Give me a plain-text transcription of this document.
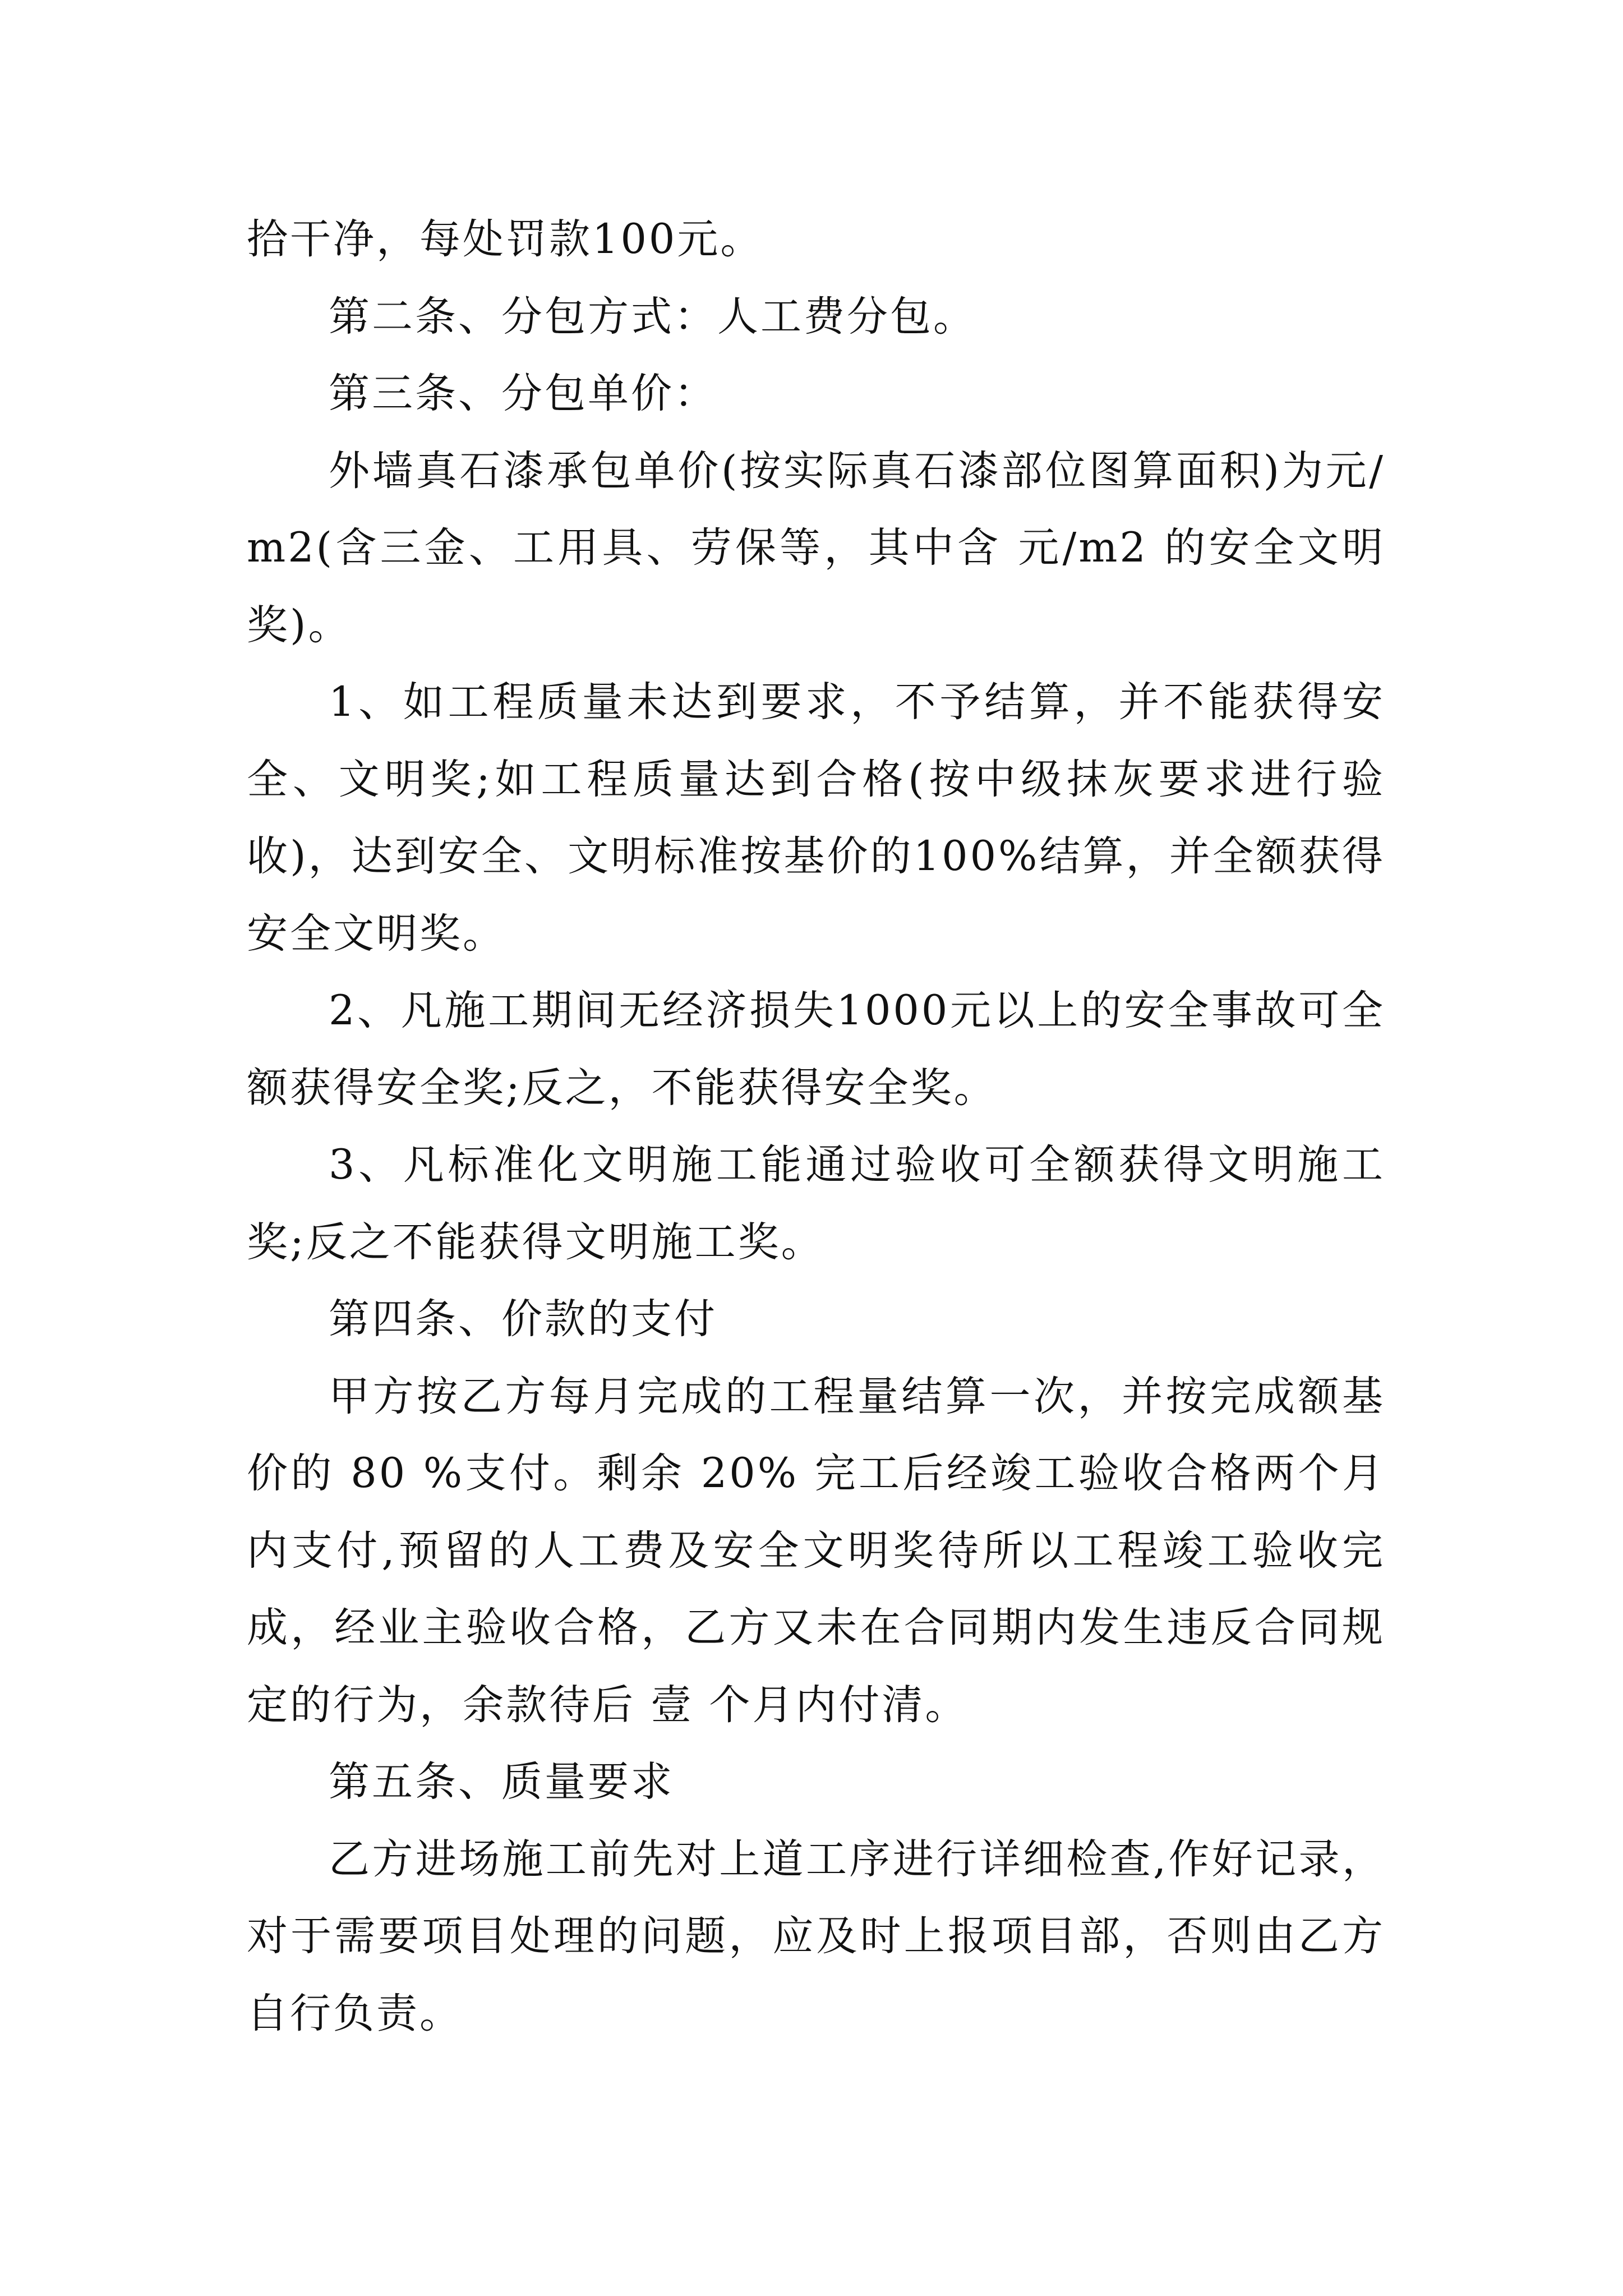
拾干净，每处罚款100元。

第二条、分包方式：人工费分包。

第三条、分包单价：

外墙真石漆承包单价(按实际真石漆部位图算面积)为元/m2(含三金、工用具、劳保等，其中含 元/m2 的安全文明奖)。

1、如工程质量未达到要求，不予结算，并不能获得安全、文明奖;如工程质量达到合格(按中级抹灰要求进行验收)，达到安全、文明标准按基价的100%结算，并全额获得安全文明奖。

2、凡施工期间无经济损失1000元以上的安全事故可全额获得安全奖;反之，不能获得安全奖。

3、凡标准化文明施工能通过验收可全额获得文明施工奖;反之不能获得文明施工奖。

第四条、价款的支付

甲方按乙方每月完成的工程量结算一次，并按完成额基价的 80 %支付。剩余 20% 完工后经竣工验收合格两个月内支付,预留的人工费及安全文明奖待所以工程竣工验收完成，经业主验收合格，乙方又未在合同期内发生违反合同规定的行为，余款待后 壹 个月内付清。

第五条、质量要求

乙方进场施工前先对上道工序进行详细检查,作好记录，对于需要项目处理的问题，应及时上报项目部，否则由乙方自行负责。
